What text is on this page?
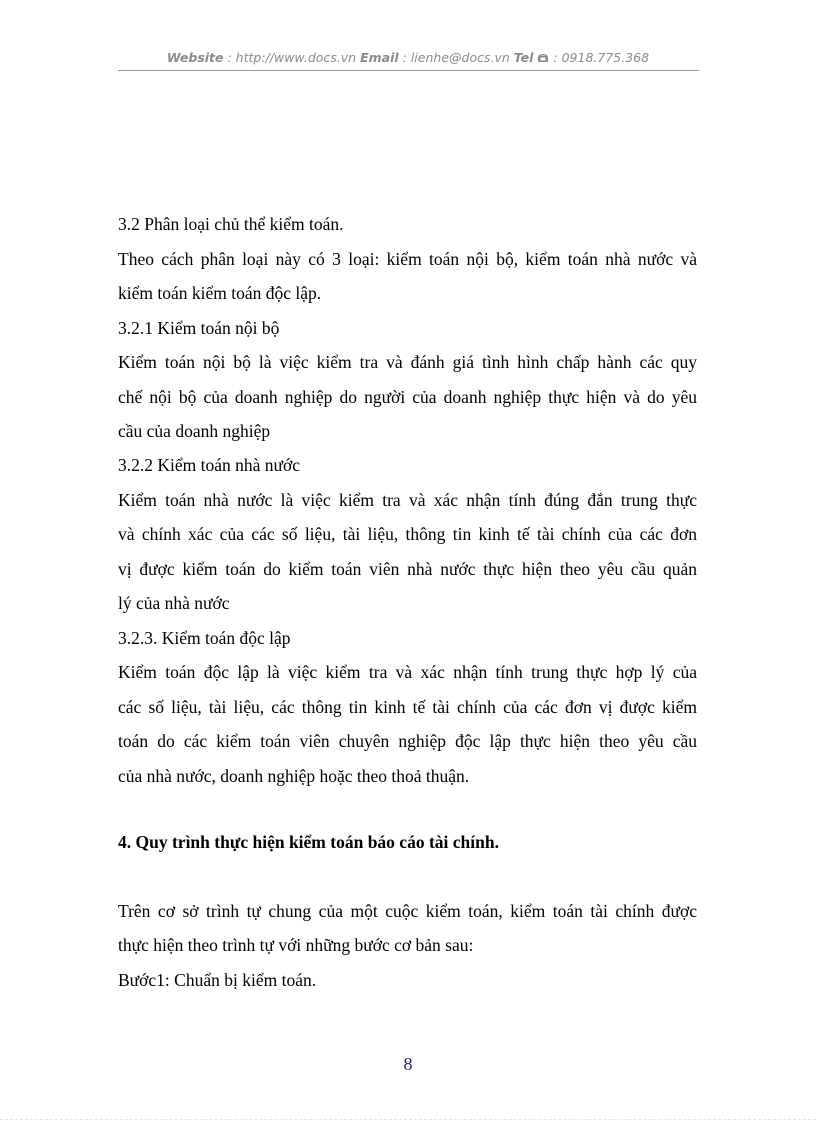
Website : http://www.docs.vn Email : lienhe@docs.vn Tel : 0918.775.368
3.2 Phân loại chủ thể kiểm toán.
Theo cách phân loại này có 3 loại: kiểm toán nội bộ, kiểm toán nhà nước và
kiểm toán kiểm toán độc lập.
3.2.1 Kiểm toán nội bộ
Kiểm toán nội bộ là việc kiểm tra và đánh giá tình hình chấp hành các quy
chế nội bộ của doanh nghiệp do người của doanh nghiệp thực hiện và do yêu
cầu của doanh nghiệp
3.2.2 Kiểm toán nhà nước
Kiểm toán nhà nước là việc kiểm tra và xác nhận tính đúng đắn trung thực
và chính xác của các số liệu, tài liệu, thông tin kinh tế tài chính của các đơn
vị được kiểm toán do kiểm toán viên nhà nước thực hiện theo yêu cầu quản
lý của nhà nước
3.2.3. Kiểm toán độc lập
Kiểm toán độc lập là việc kiểm tra và xác nhận tính trung thực hợp lý của
các số liệu, tài liệu, các thông tin kinh tế tài chính của các đơn vị được kiểm
toán do các kiểm toán viên chuyên nghiệp độc lập thực hiện theo yêu cầu
của nhà nước, doanh nghiệp hoặc theo thoả thuận.
4. Quy trình thực hiện kiểm toán báo cáo tài chính.
Trên cơ sở trình tự chung của một cuộc kiểm toán, kiểm toán tài chính được
thực hiện theo trình tự với những bước cơ bản sau:
Bước1: Chuẩn bị kiểm toán.
8
